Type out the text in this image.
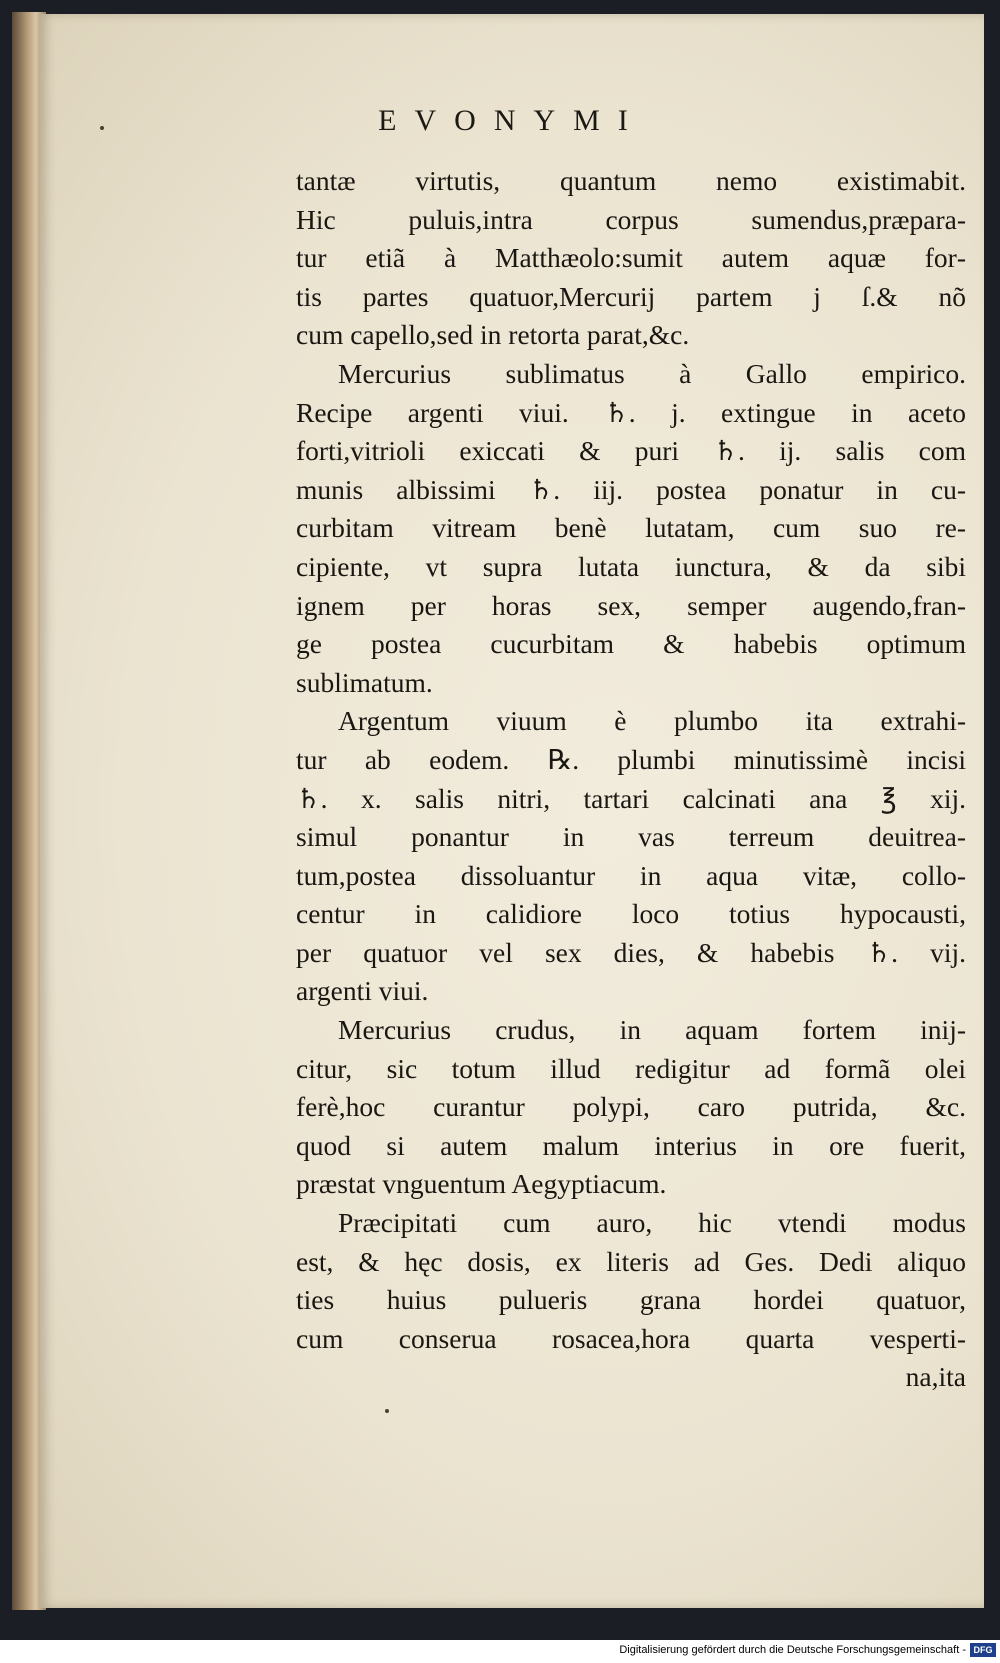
EVONYMI
tantæ virtutis, quantum nemo existimabit.
Hic puluis,intra corpus sumendus,præpara‑
tur etiã à Matthæolo:sumit autem aquæ for‑
tis partes quatuor,Mercurij partem j ſ.& nõ
cum capello,sed in retorta parat,&c.
Mercurius sublimatus à Gallo empirico.
Recipe argenti viui. ♄. j. extingue in aceto
forti,vitrioli exiccati & puri ♄. ij. salis com
munis albissimi ♄. iij. postea ponatur in cu‑
curbitam vitream benè lutatam, cum suo re‑
cipiente, vt supra lutata iunctura, & da sibi
ignem per horas sex, semper augendo,fran‑
ge postea cucurbitam & habebis optimum
sublimatum.
Argentum viuum è plumbo ita extrahi‑
tur ab eodem. ℞. plumbi minutissimè incisi
♄. x. salis nitri, tartari calcinati ana ℥ xij.
simul ponantur in vas terreum deuitrea‑
tum,postea dissoluantur in aqua vitæ, collo‑
centur in calidiore loco totius hypocausti,
per quatuor vel sex dies, & habebis ♄. vij.
argenti viui.
Mercurius crudus, in aquam fortem inij‑
citur, sic totum illud redigitur ad formã olei
ferè,hoc curantur polypi, caro putrida, &c.
quod si autem malum interius in ore fuerit,
præstat vnguentum Aegyptiacum.
Præcipitati cum auro, hic vtendi modus
est, & hęc dosis, ex literis ad Ges. Dedi aliquo
ties huius pulueris grana hordei quatuor,
cum conserua rosacea,hora quarta vesperti‑
na,ita
Digitalisierung gefördert durch die Deutsche Forschungsgemeinschaft - DFG
